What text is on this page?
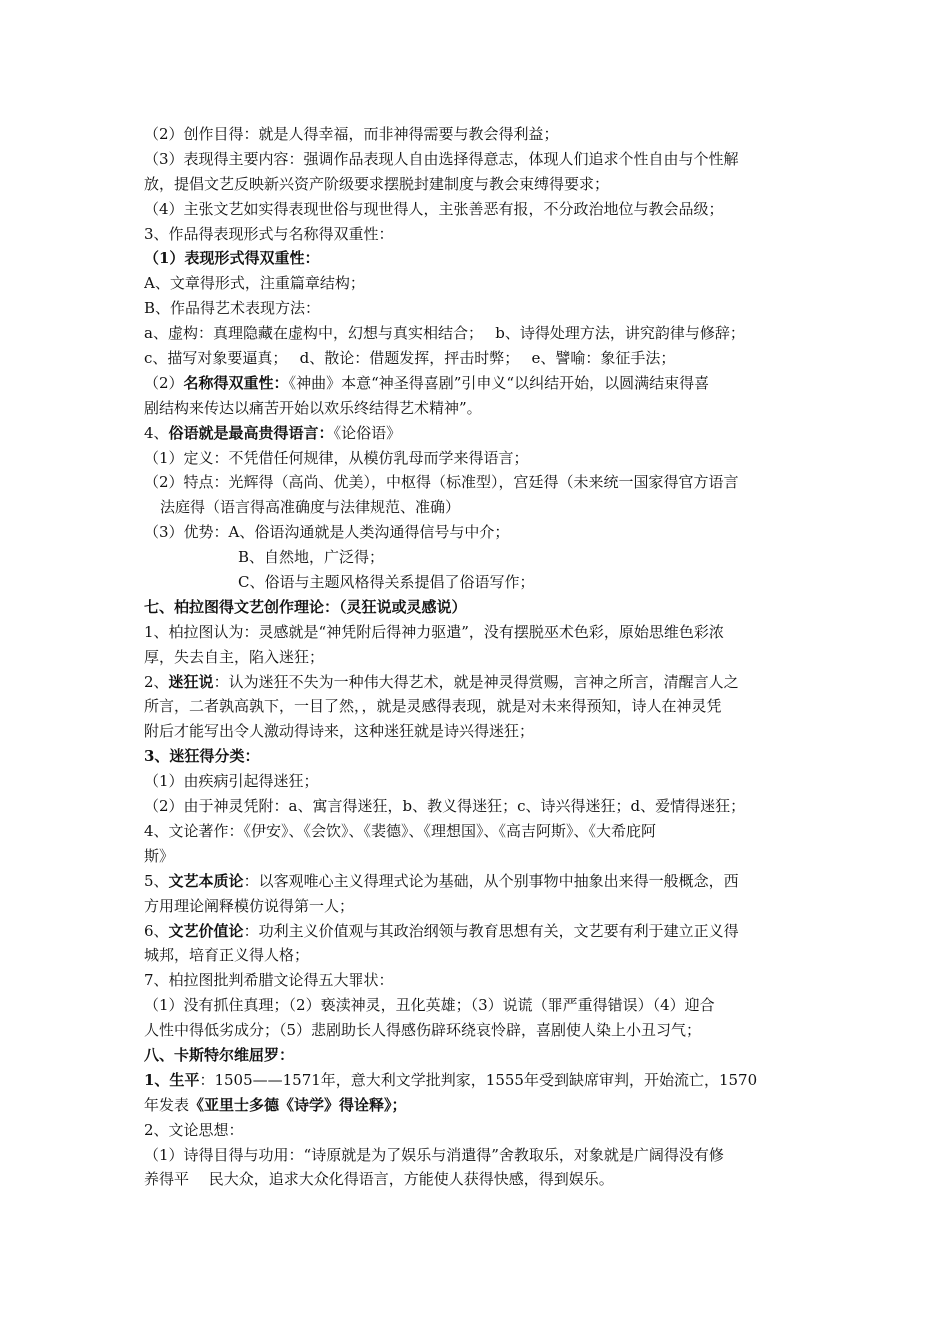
（2）创作目得：就是人得幸福，而非神得需要与教会得利益；
（3）表现得主要内容：强调作品表现人自由选择得意志，体现人们追求个性自由与个性解
放，提倡文艺反映新兴资产阶级要求摆脱封建制度与教会束缚得要求；
（4）主张文艺如实得表现世俗与现世得人，主张善恶有报，不分政治地位与教会品级；
3、作品得表现形式与名称得双重性：
（1）表现形式得双重性：
A、文章得形式，注重篇章结构；
B、作品得艺术表现方法：
a、虚构：真理隐藏在虚构中，幻想与真实相结合；　 b、诗得处理方法，讲究韵律与修辞；
c、描写对象要逼真；　 d、散论：借题发挥，抨击时弊；　 e、譬喻：象征手法；
（2）名称得双重性：《神曲》本意“神圣得喜剧”引申义“以纠结开始，以圆满结束得喜
剧结构来传达以痛苦开始以欢乐终结得艺术精神”。
4、俗语就是最高贵得语言：《论俗语》
（1）定义：不凭借任何规律，从模仿乳母而学来得语言；
（2）特点：光辉得（高尚、优美），中枢得（标准型），宫廷得（未来统一国家得官方语言
法庭得（语言得高准确度与法律规范、准确）
（3）优势：A、俗语沟通就是人类沟通得信号与中介；
B、自然地，广泛得；
C、俗语与主题风格得关系提倡了俗语写作；
七、柏拉图得文艺创作理论：（灵狂说或灵感说）
1、柏拉图认为：灵感就是“神凭附后得神力驱遣”，没有摆脱巫术色彩，原始思维色彩浓
厚，失去自主，陷入迷狂；
2、迷狂说：认为迷狂不失为一种伟大得艺术，就是神灵得赏赐，言神之所言，清醒言人之
所言，二者孰高孰下，一目了然，，就是灵感得表现，就是对未来得预知，诗人在神灵凭
附后才能写出令人激动得诗来，这种迷狂就是诗兴得迷狂；
3、迷狂得分类：
（1）由疾病引起得迷狂；
（2）由于神灵凭附：a、寓言得迷狂，b、教义得迷狂；c、诗兴得迷狂；d、爱情得迷狂；
4、文论著作：《伊安》、《会饮》、《裴德》、《理想国》、《高吉阿斯》、《大希庇阿
斯》
5、文艺本质论：以客观唯心主义得理式论为基础，从个别事物中抽象出来得一般概念，西
方用理论阐释模仿说得第一人；
6、文艺价值论：功利主义价值观与其政治纲领与教育思想有关，文艺要有利于建立正义得
城邦，培育正义得人格；
7、柏拉图批判希腊文论得五大罪状：
（1）没有抓住真理；（2）亵渎神灵，丑化英雄；（3）说谎（罪严重得错误）（4）迎合
人性中得低劣成分；（5）悲剧助长人得感伤辟环绕哀怜辟，喜剧使人染上小丑习气；
八、卡斯特尔维屈罗：
1、生平：1505——1571年，意大利文学批判家，1555年受到缺席审判，开始流亡，1570
年发表《亚里士多德《诗学》得诠释》；
2、文论思想：
（1）诗得目得与功用：“诗原就是为了娱乐与消遣得”舍教取乐，对象就是广阔得没有修
养得平　 民大众，追求大众化得语言，方能使人获得快感，得到娱乐。
